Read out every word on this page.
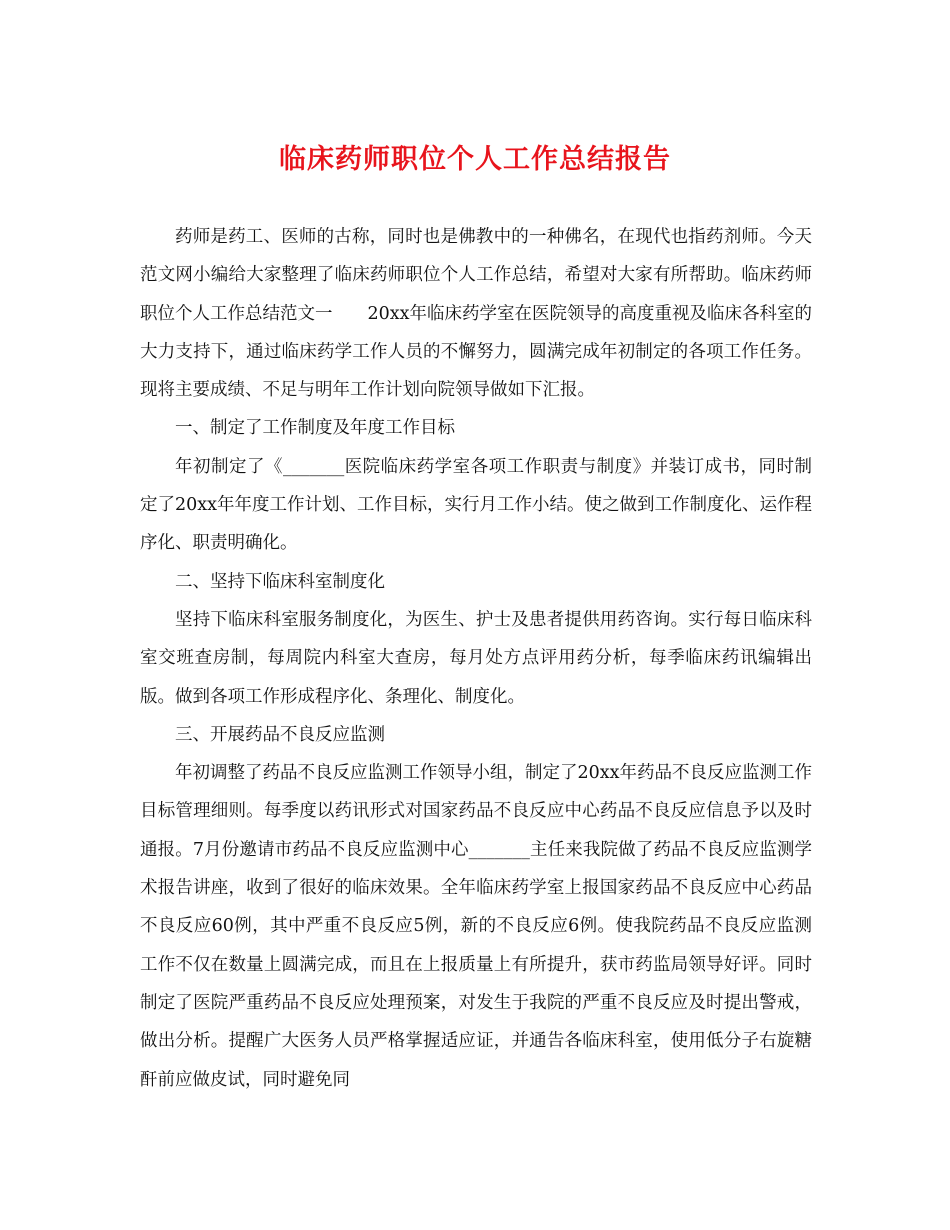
临床药师职位个人工作总结报告

药师是药工、医师的古称，同时也是佛教中的一种佛名，在现代也指药剂师。今天范文网小编给大家整理了临床药师职位个人工作总结，希望对大家有所帮助。临床药师职位个人工作总结范文一　　20xx年临床药学室在医院领导的高度重视及临床各科室的大力支持下，通过临床药学工作人员的不懈努力，圆满完成年初制定的各项工作任务。现将主要成绩、不足与明年工作计划向院领导做如下汇报。

一、制定了工作制度及年度工作目标

年初制定了《_______医院临床药学室各项工作职责与制度》并装订成书，同时制定了20xx年年度工作计划、工作目标，实行月工作小结。使之做到工作制度化、运作程序化、职责明确化。

二、坚持下临床科室制度化

坚持下临床科室服务制度化，为医生、护士及患者提供用药咨询。实行每日临床科室交班查房制，每周院内科室大查房，每月处方点评用药分析，每季临床药讯编辑出版。做到各项工作形成程序化、条理化、制度化。

三、开展药品不良反应监测

年初调整了药品不良反应监测工作领导小组，制定了20xx年药品不良反应监测工作目标管理细则。每季度以药讯形式对国家药品不良反应中心药品不良反应信息予以及时通报。7月份邀请市药品不良反应监测中心_______主任来我院做了药品不良反应监测学术报告讲座，收到了很好的临床效果。全年临床药学室上报国家药品不良反应中心药品不良反应60例，其中严重不良反应5例，新的不良反应6例。使我院药品不良反应监测工作不仅在数量上圆满完成，而且在上报质量上有所提升，获市药监局领导好评。同时制定了医院严重药品不良反应处理预案，对发生于我院的严重不良反应及时提出警戒，做出分析。提醒广大医务人员严格掌握适应证，并通告各临床科室，使用低分子右旋糖酐前应做皮试，同时避免同
